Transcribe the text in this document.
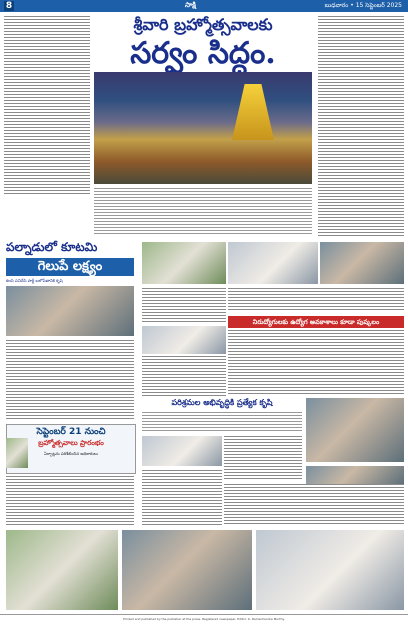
8	సాక్షి	బుధవారం • 15 సెప్టెంబర్ 2025
శ్రీవారి బ్రహ్మోత్సవాలకు
సర్వం సిద్ధం.
పల్నాడులో కూటమి
గెలుపే లక్ష్యం
కలసి పనిచేసి పార్టీ బలోపేతానికి కృషి
నిరుద్యోగులకు ఉద్యోగ అవకాశాలు కూడా పుష్కలం
పరిశ్రమల అభివృద్ధికి ప్రత్యేక కృషి
సెప్టెంబర్ 21 నుంచి
బ్రహ్మోత్సవాలు ప్రారంభం
ఏర్పాట్లను పరిశీలించిన అధికారులు
Printed and published by the publisher at the press. Registered newspaper. Editor: K. Ramachandra Murthy.
